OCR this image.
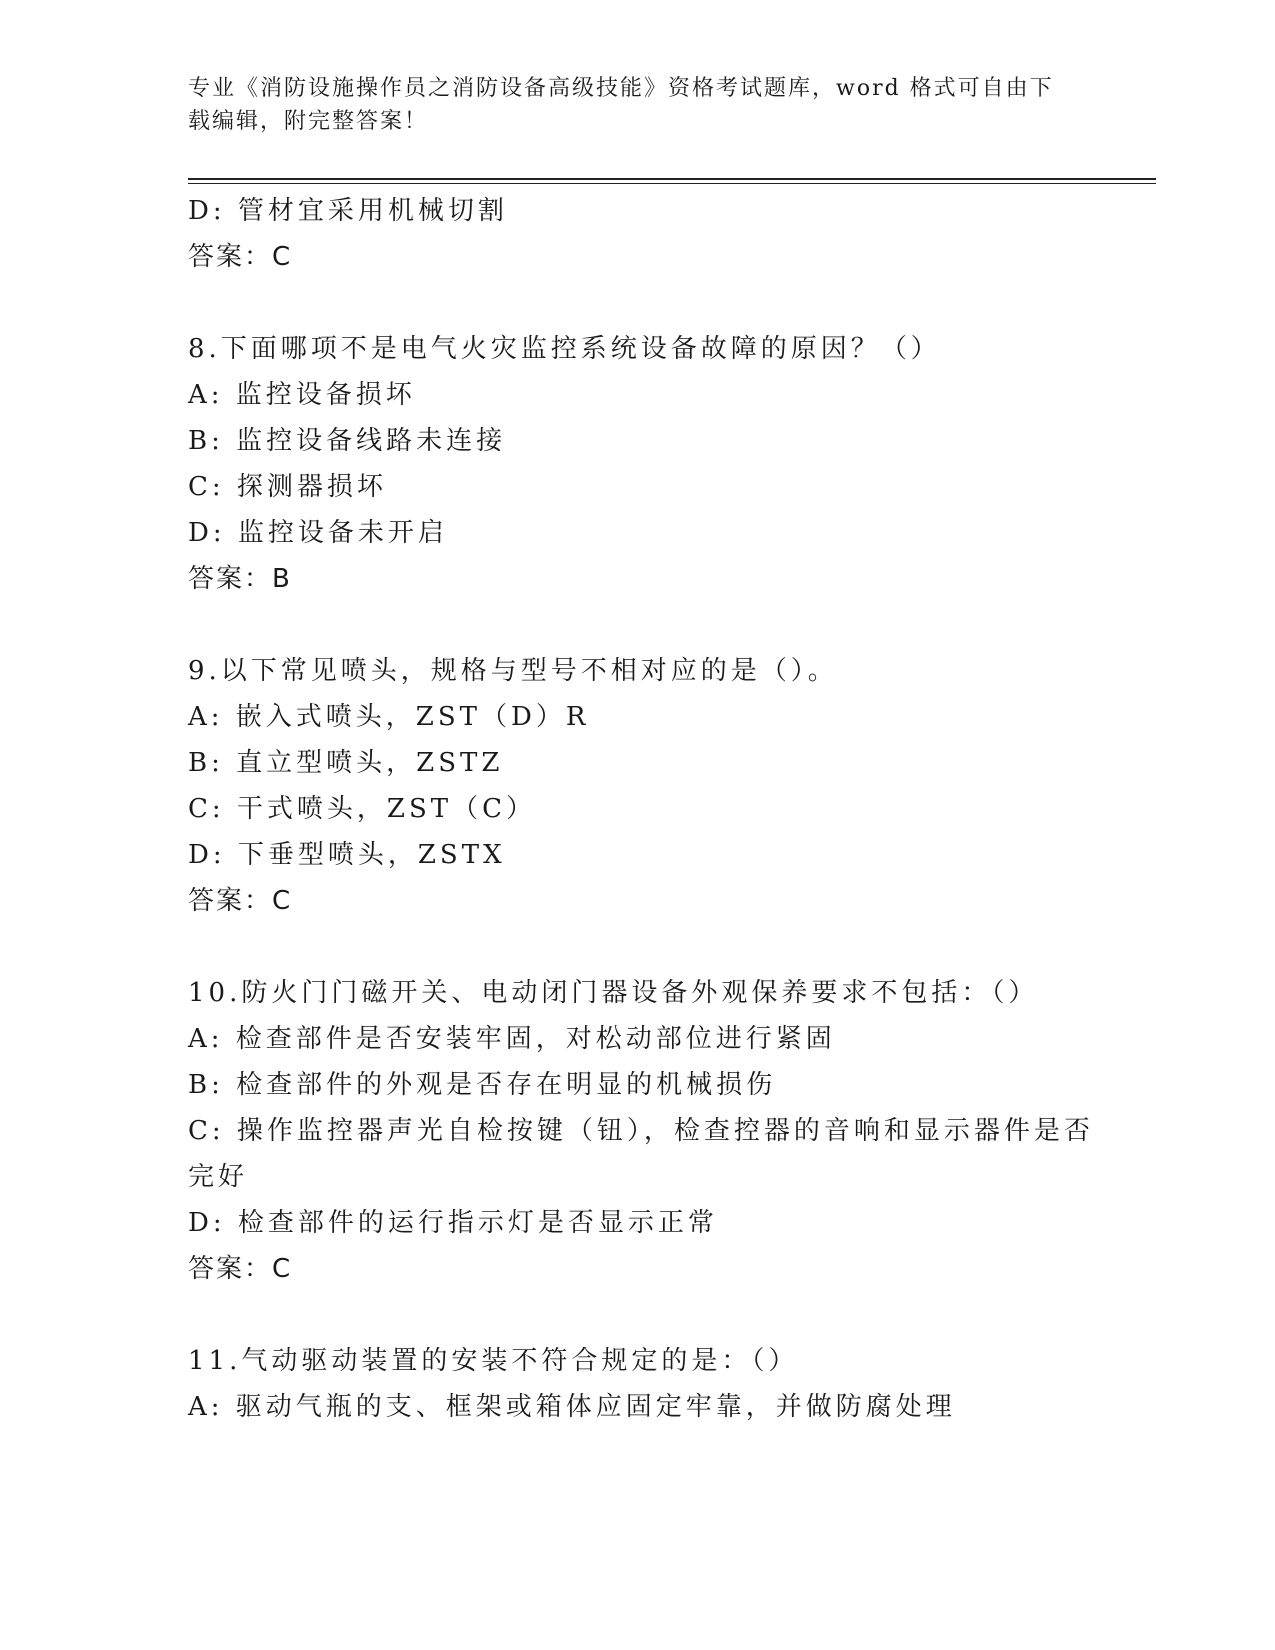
专业《消防设施操作员之消防设备高级技能》资格考试题库，word 格式可自由下
载编辑，附完整答案！
D: 管材宜采用机械切割
答案：C
8.下面哪项不是电气火灾监控系统设备故障的原因？（）
A: 监控设备损坏
B: 监控设备线路未连接
C: 探测器损坏
D: 监控设备未开启
答案：B
9.以下常见喷头，规格与型号不相对应的是（）。
A: 嵌入式喷头，ZST（D）R
B: 直立型喷头，ZSTZ
C: 干式喷头，ZST（C）
D: 下垂型喷头，ZSTX
答案：C
10.防火门门磁开关、电动闭门器设备外观保养要求不包括：（）
A: 检查部件是否安装牢固，对松动部位进行紧固
B: 检查部件的外观是否存在明显的机械损伤
C: 操作监控器声光自检按键（钮），检查控器的音响和显示器件是否
完好
D: 检查部件的运行指示灯是否显示正常
答案：C
11.气动驱动装置的安装不符合规定的是：（）
A: 驱动气瓶的支、框架或箱体应固定牢靠，并做防腐处理
